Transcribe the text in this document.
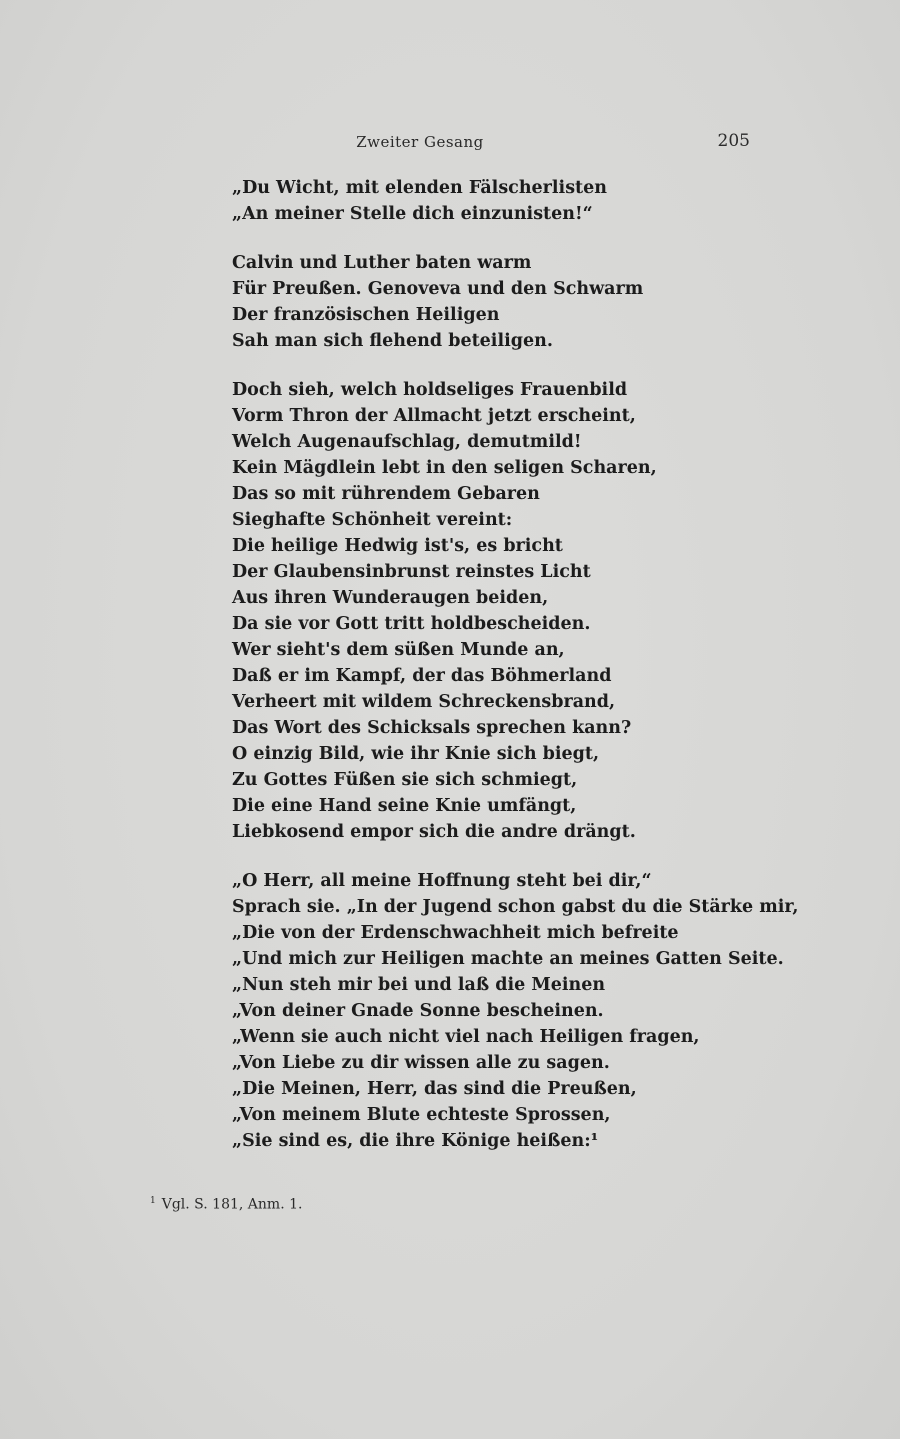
Zweiter Gesang	205
„Du Wicht, mit elenden Fälscherlisten
„An meiner Stelle dich einzunisten!“
Calvin und Luther baten warm
Für Preußen. Genoveva und den Schwarm
Der französischen Heiligen
Sah man sich flehend beteiligen.
Doch sieh, welch holdseliges Frauenbild
Vorm Thron der Allmacht jetzt erscheint,
Welch Augenaufschlag, demutmild!
Kein Mägdlein lebt in den seligen Scharen,
Das so mit rührendem Gebaren
Sieghafte Schönheit vereint:
Die heilige Hedwig ist's, es bricht
Der Glaubensinbrunst reinstes Licht
Aus ihren Wunderaugen beiden,
Da sie vor Gott tritt holdbescheiden.
Wer sieht's dem süßen Munde an,
Daß er im Kampf, der das Böhmerland
Verheert mit wildem Schreckensbrand,
Das Wort des Schicksals sprechen kann?
O einzig Bild, wie ihr Knie sich biegt,
Zu Gottes Füßen sie sich schmiegt,
Die eine Hand seine Knie umfängt,
Liebkosend empor sich die andre drängt.
„O Herr, all meine Hoffnung steht bei dir,“
Sprach sie. „In der Jugend schon gabst du die Stärke mir,
„Die von der Erdenschwachheit mich befreite
„Und mich zur Heiligen machte an meines Gatten Seite.
„Nun steh mir bei und laß die Meinen
„Von deiner Gnade Sonne bescheinen.
„Wenn sie auch nicht viel nach Heiligen fragen,
„Von Liebe zu dir wissen alle zu sagen.
„Die Meinen, Herr, das sind die Preußen,
„Von meinem Blute echteste Sprossen,
„Sie sind es, die ihre Könige heißen:¹
$^1$ Vgl. S. 181, Anm. 1.
